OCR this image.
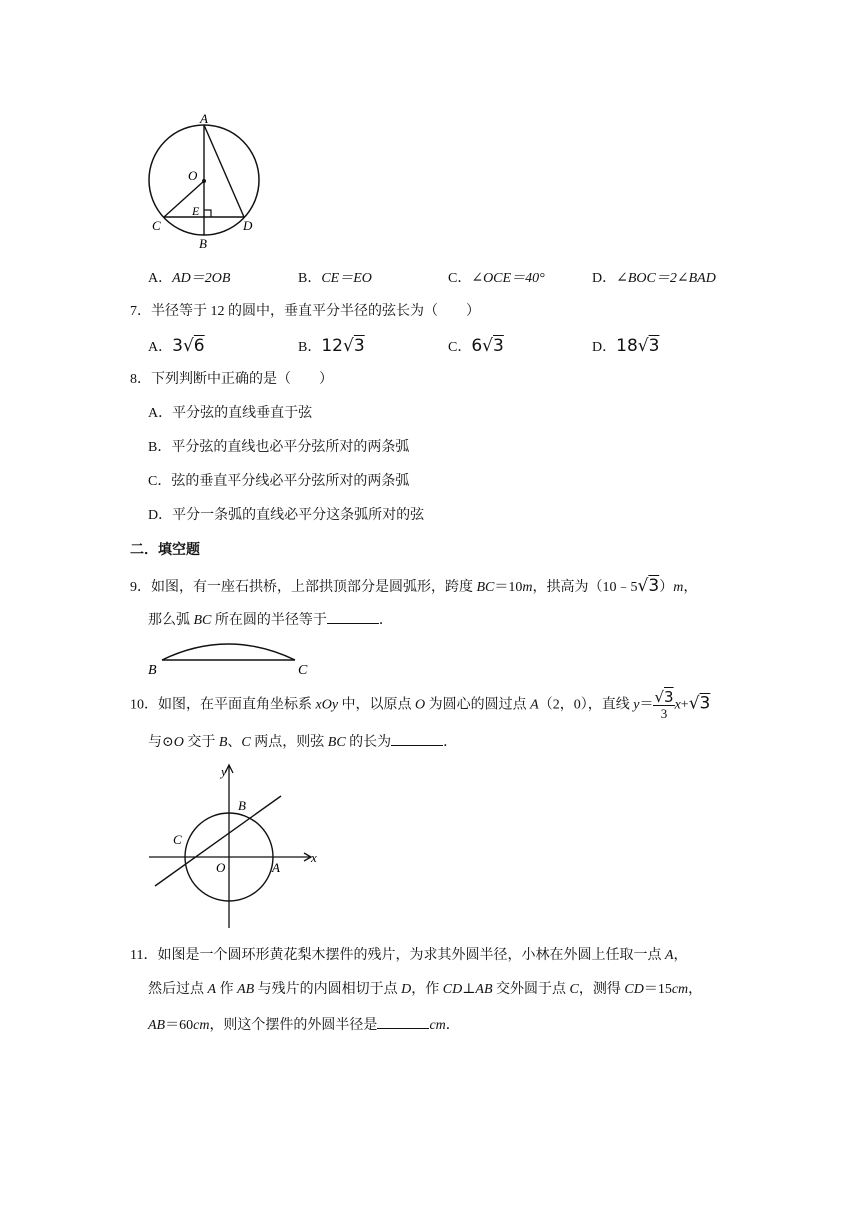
A
O
E
C	D
B
A．AD＝2OB	B．CE＝EO	C．∠OCE＝40°	D．∠BOC＝2∠BAD
7．半径等于 12 的圆中，垂直平分半径的弦长为（　　）
A．3√6	B．12√3	C．6√3	D．18√3
8．下列判断中正确的是（　　）
A．平分弦的直线垂直于弦
B．平分弦的直线也必平分弦所对的两条弧
C．弦的垂直平分线必平分弦所对的两条弧
D．平分一条弧的直线必平分这条弧所对的弦
二．填空题
9．如图，有一座石拱桥，上部拱顶部分是圆弧形，跨度 BC＝10m，拱高为（10﹣5√3）m，
那么弧 BC 所在圆的半径等于	．
B	C
10．如图，在平面直角坐标系 xOy 中，以原点 O 为圆心的圆过点 A（2，0），直线 $y= \frac{√3}{3} x+√3$
与⊙O 交于 B、C 两点，则弦 BC 的长为	．
y
x
B
C
O	A
11．如图是一个圆环形黄花梨木摆件的残片，为求其外圆半径，小林在外圆上任取一点 A，
然后过点 A 作 AB 与残片的内圆相切于点 D，作 CD⊥AB 交外圆于点 C，测得 CD＝15cm，
AB＝60cm，则这个摆件的外圆半径是	cm．
